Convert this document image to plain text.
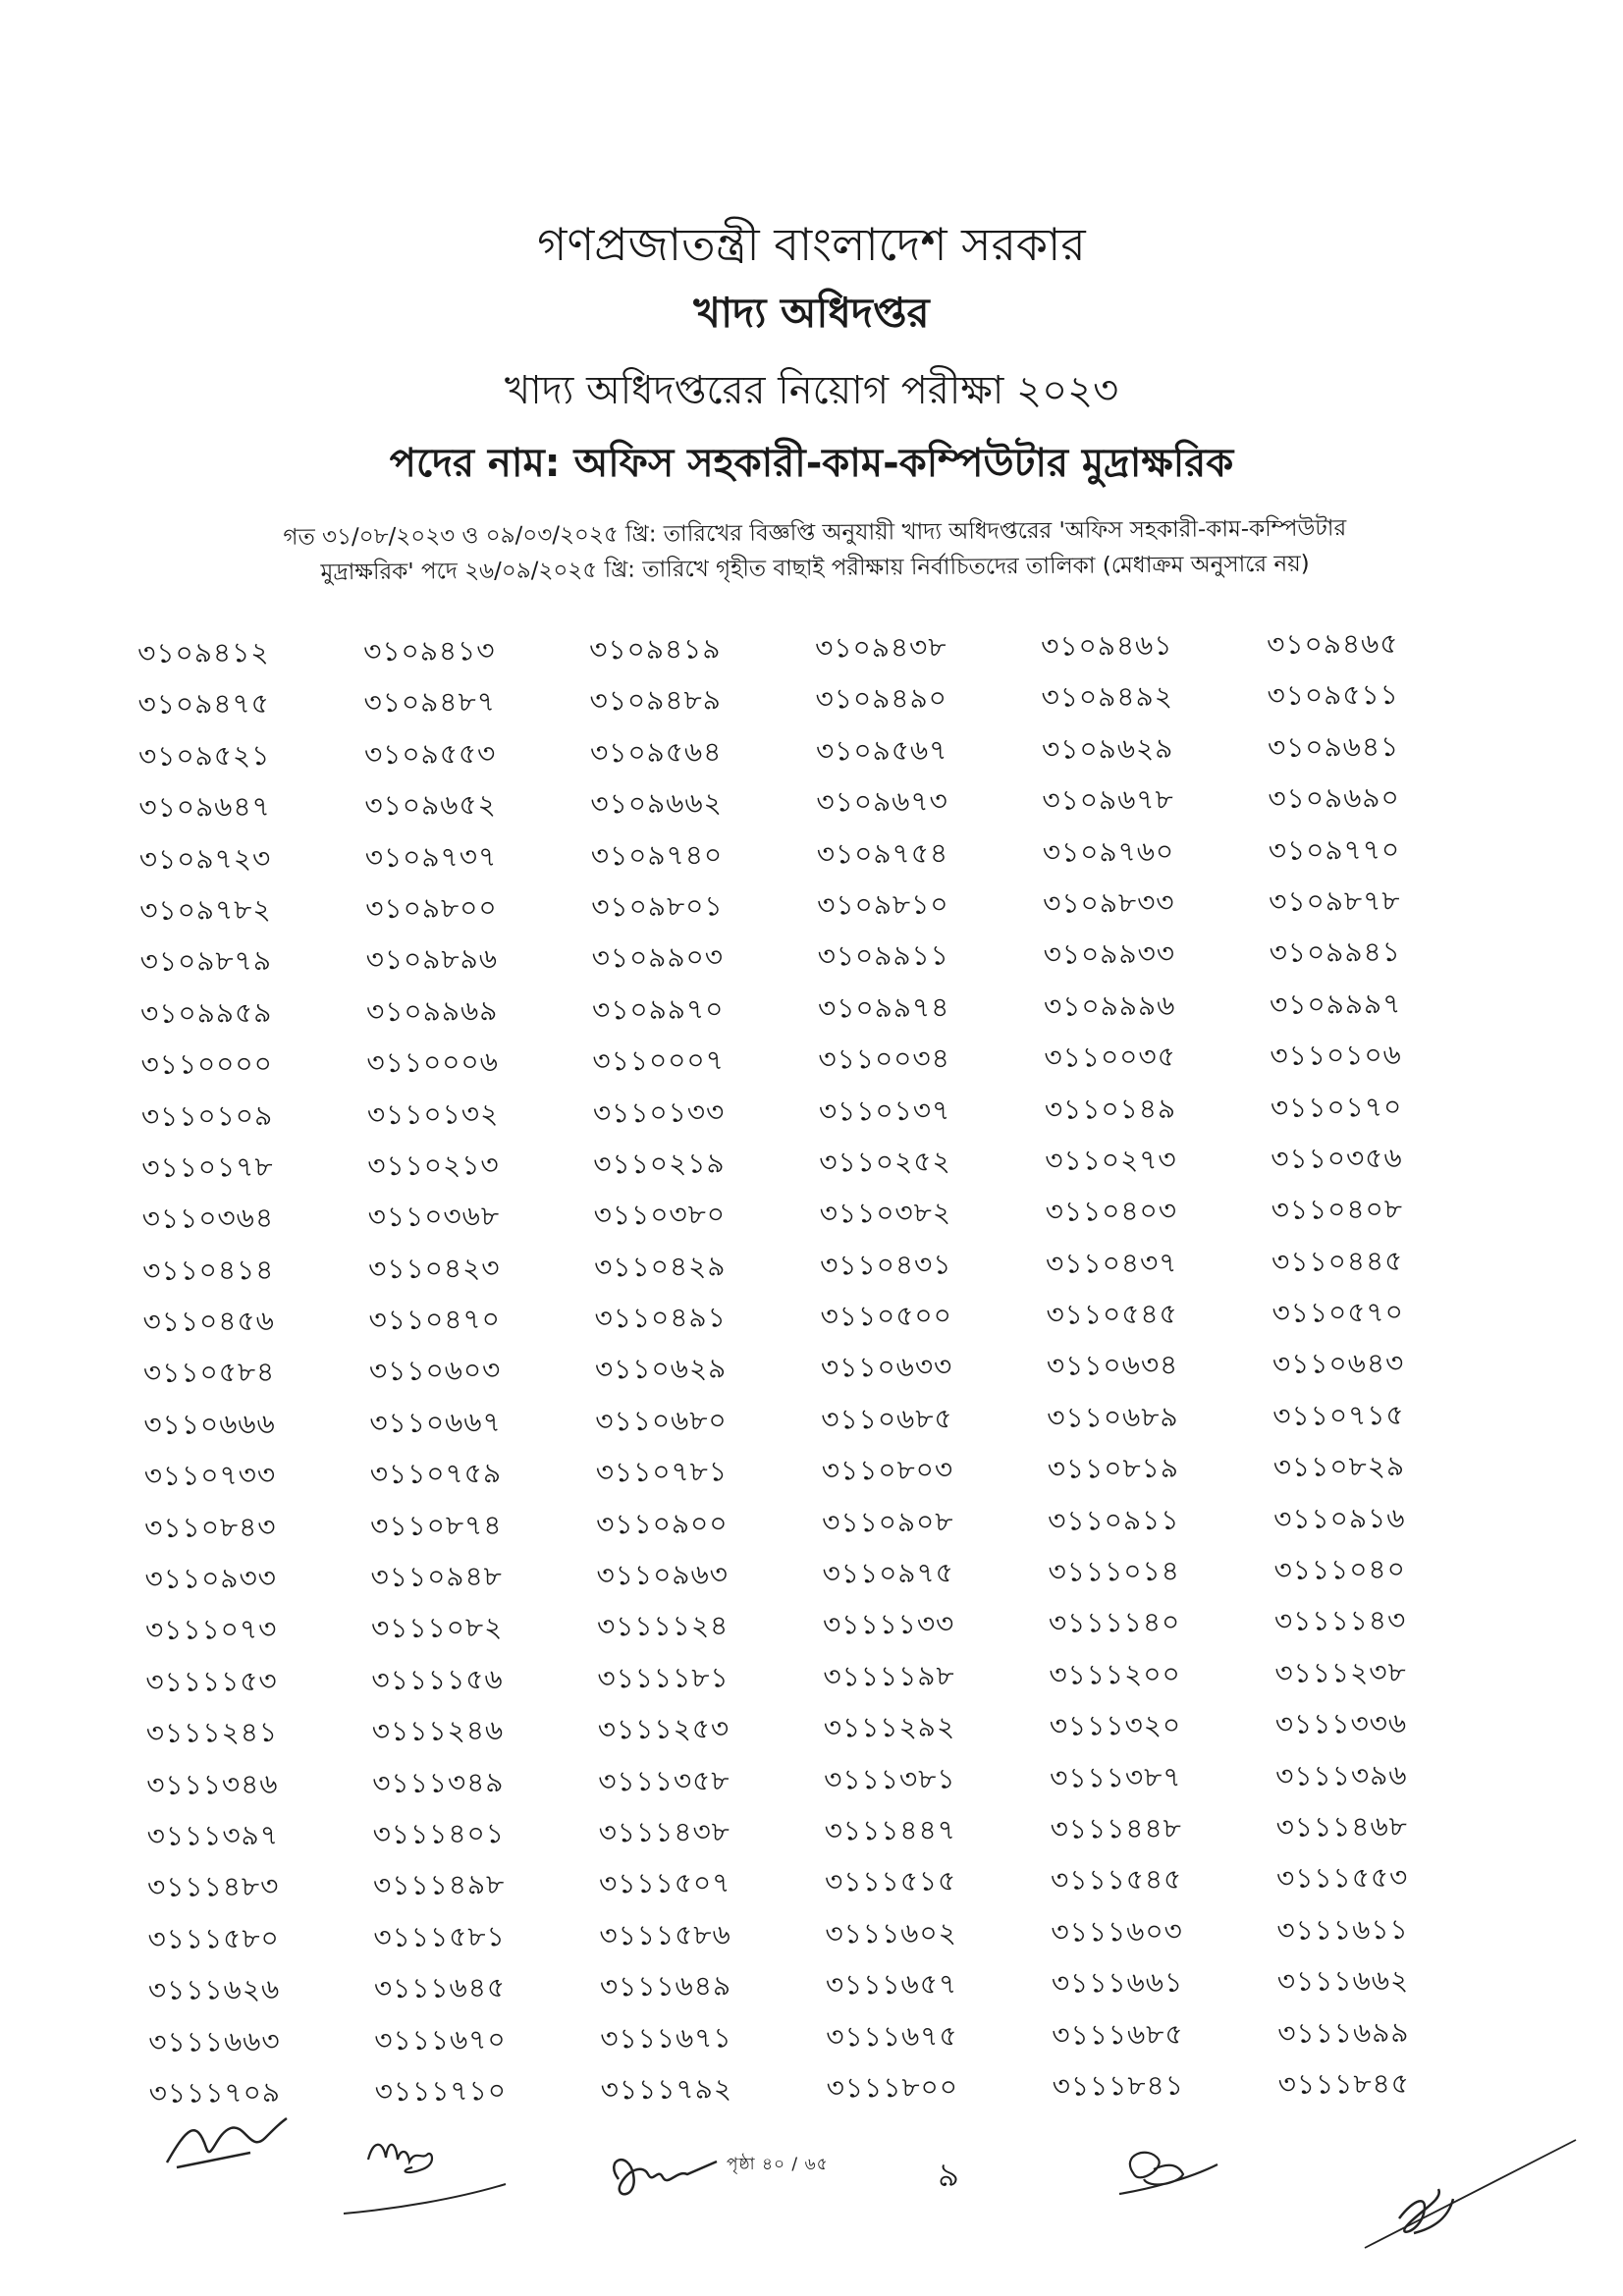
গণপ্রজাতন্ত্রী বাংলাদেশ সরকার

খাদ্য অধিদপ্তর

খাদ্য অধিদপ্তরের নিয়োগ পরীক্ষা ২০২৩

পদের নাম: অফিস সহকারী-কাম-কম্পিউটার মুদ্রাক্ষরিক

গত ৩১/০৮/২০২৩ ও ০৯/০৩/২০২৫ খ্রি: তারিখের বিজ্ঞপ্তি অনুযায়ী খাদ্য অধিদপ্তরের 'অফিস সহকারী-কাম-কম্পিউটার
মুদ্রাক্ষরিক' পদে ২৬/০৯/২০২৫ খ্রি: তারিখে গৃহীত বাছাই পরীক্ষায় নির্বাচিতদের তালিকা (মেধাক্রম অনুসারে নয়)
৩১০৯৪১২	৩১০৯৪১৩	৩১০৯৪১৯	৩১০৯৪৩৮	৩১০৯৪৬১	৩১০৯৪৬৫
৩১০৯৪৭৫	৩১০৯৪৮৭	৩১০৯৪৮৯	৩১০৯৪৯০	৩১০৯৪৯২	৩১০৯৫১১
৩১০৯৫২১	৩১০৯৫৫৩	৩১০৯৫৬৪	৩১০৯৫৬৭	৩১০৯৬২৯	৩১০৯৬৪১
৩১০৯৬৪৭	৩১০৯৬৫২	৩১০৯৬৬২	৩১০৯৬৭৩	৩১০৯৬৭৮	৩১০৯৬৯০
৩১০৯৭২৩	৩১০৯৭৩৭	৩১০৯৭৪০	৩১০৯৭৫৪	৩১০৯৭৬০	৩১০৯৭৭০
৩১০৯৭৮২	৩১০৯৮০০	৩১০৯৮০১	৩১০৯৮১০	৩১০৯৮৩৩	৩১০৯৮৭৮
৩১০৯৮৭৯	৩১০৯৮৯৬	৩১০৯৯০৩	৩১০৯৯১১	৩১০৯৯৩৩	৩১০৯৯৪১
৩১০৯৯৫৯	৩১০৯৯৬৯	৩১০৯৯৭০	৩১০৯৯৭৪	৩১০৯৯৯৬	৩১০৯৯৯৭
৩১১০০০০	৩১১০০০৬	৩১১০০০৭	৩১১০০৩৪	৩১১০০৩৫	৩১১০১০৬
৩১১০১০৯	৩১১০১৩২	৩১১০১৩৩	৩১১০১৩৭	৩১১০১৪৯	৩১১০১৭০
৩১১০১৭৮	৩১১০২১৩	৩১১০২১৯	৩১১০২৫২	৩১১০২৭৩	৩১১০৩৫৬
৩১১০৩৬৪	৩১১০৩৬৮	৩১১০৩৮০	৩১১০৩৮২	৩১১০৪০৩	৩১১০৪০৮
৩১১০৪১৪	৩১১০৪২৩	৩১১০৪২৯	৩১১০৪৩১	৩১১০৪৩৭	৩১১০৪৪৫
৩১১০৪৫৬	৩১১০৪৭০	৩১১০৪৯১	৩১১০৫০০	৩১১০৫৪৫	৩১১০৫৭০
৩১১০৫৮৪	৩১১০৬০৩	৩১১০৬২৯	৩১১০৬৩৩	৩১১০৬৩৪	৩১১০৬৪৩
৩১১০৬৬৬	৩১১০৬৬৭	৩১১০৬৮০	৩১১০৬৮৫	৩১১০৬৮৯	৩১১০৭১৫
৩১১০৭৩৩	৩১১০৭৫৯	৩১১০৭৮১	৩১১০৮০৩	৩১১০৮১৯	৩১১০৮২৯
৩১১০৮৪৩	৩১১০৮৭৪	৩১১০৯০০	৩১১০৯০৮	৩১১০৯১১	৩১১০৯১৬
৩১১০৯৩৩	৩১১০৯৪৮	৩১১০৯৬৩	৩১১০৯৭৫	৩১১১০১৪	৩১১১০৪০
৩১১১০৭৩	৩১১১০৮২	৩১১১১২৪	৩১১১১৩৩	৩১১১১৪০	৩১১১১৪৩
৩১১১১৫৩	৩১১১১৫৬	৩১১১১৮১	৩১১১১৯৮	৩১১১২০০	৩১১১২৩৮
৩১১১২৪১	৩১১১২৪৬	৩১১১২৫৩	৩১১১২৯২	৩১১১৩২০	৩১১১৩৩৬
৩১১১৩৪৬	৩১১১৩৪৯	৩১১১৩৫৮	৩১১১৩৮১	৩১১১৩৮৭	৩১১১৩৯৬
৩১১১৩৯৭	৩১১১৪০১	৩১১১৪৩৮	৩১১১৪৪৭	৩১১১৪৪৮	৩১১১৪৬৮
৩১১১৪৮৩	৩১১১৪৯৮	৩১১১৫০৭	৩১১১৫১৫	৩১১১৫৪৫	৩১১১৫৫৩
৩১১১৫৮০	৩১১১৫৮১	৩১১১৫৮৬	৩১১১৬০২	৩১১১৬০৩	৩১১১৬১১
৩১১১৬২৬	৩১১১৬৪৫	৩১১১৬৪৯	৩১১১৬৫৭	৩১১১৬৬১	৩১১১৬৬২
৩১১১৬৬৩	৩১১১৬৭০	৩১১১৬৭১	৩১১১৬৭৫	৩১১১৬৮৫	৩১১১৬৯৯
৩১১১৭০৯	৩১১১৭১০	৩১১১৭৯২	৩১১১৮০০	৩১১১৮৪১	৩১১১৮৪৫
পৃষ্ঠা ৪০ / ৬৫	৯
